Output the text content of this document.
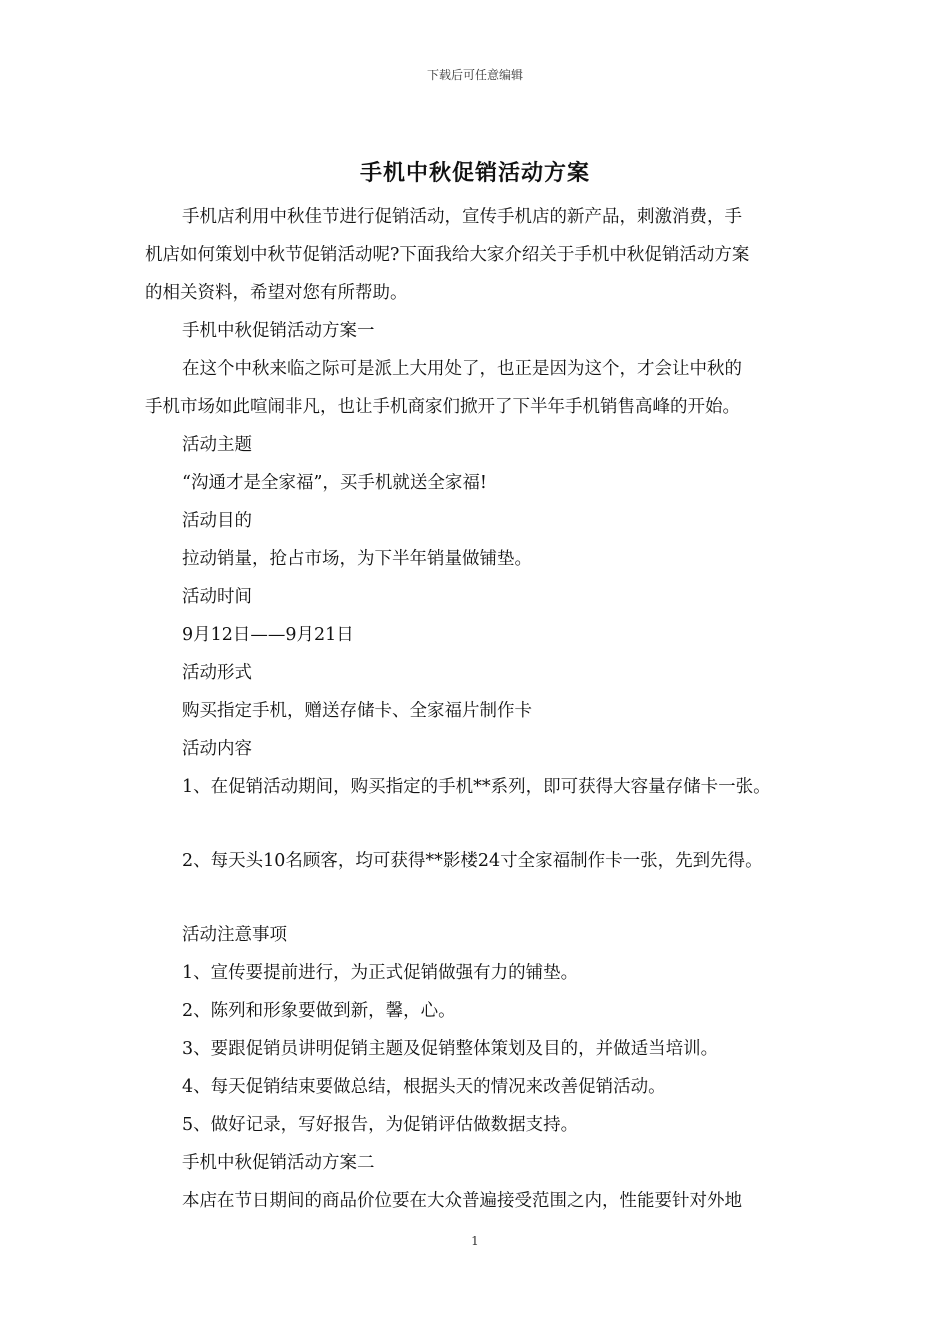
下载后可任意编辑
手机中秋促销活动方案
手机店利用中秋佳节进行促销活动，宣传手机店的新产品，刺激消费，手
机店如何策划中秋节促销活动呢?下面我给大家介绍关于手机中秋促销活动方案
的相关资料，希望对您有所帮助。
手机中秋促销活动方案一
在这个中秋来临之际可是派上大用处了，也正是因为这个，才会让中秋的
手机市场如此喧闹非凡，也让手机商家们掀开了下半年手机销售高峰的开始。
活动主题
“沟通才是全家福”，买手机就送全家福!
活动目的
拉动销量，抢占市场，为下半年销量做铺垫。
活动时间
9月12日——9月21日
活动形式
购买指定手机，赠送存储卡、全家福片制作卡
活动内容
1、在促销活动期间，购买指定的手机**系列，即可获得大容量存储卡一张。
2、每天头10名顾客，均可获得**影楼24寸全家福制作卡一张，先到先得。
活动注意事项
1、宣传要提前进行，为正式促销做强有力的铺垫。
2、陈列和形象要做到新，馨，心。
3、要跟促销员讲明促销主题及促销整体策划及目的，并做适当培训。
4、每天促销结束要做总结，根据头天的情况来改善促销活动。
5、做好记录，写好报告，为促销评估做数据支持。
手机中秋促销活动方案二
本店在节日期间的商品价位要在大众普遍接受范围之内，性能要针对外地
1
